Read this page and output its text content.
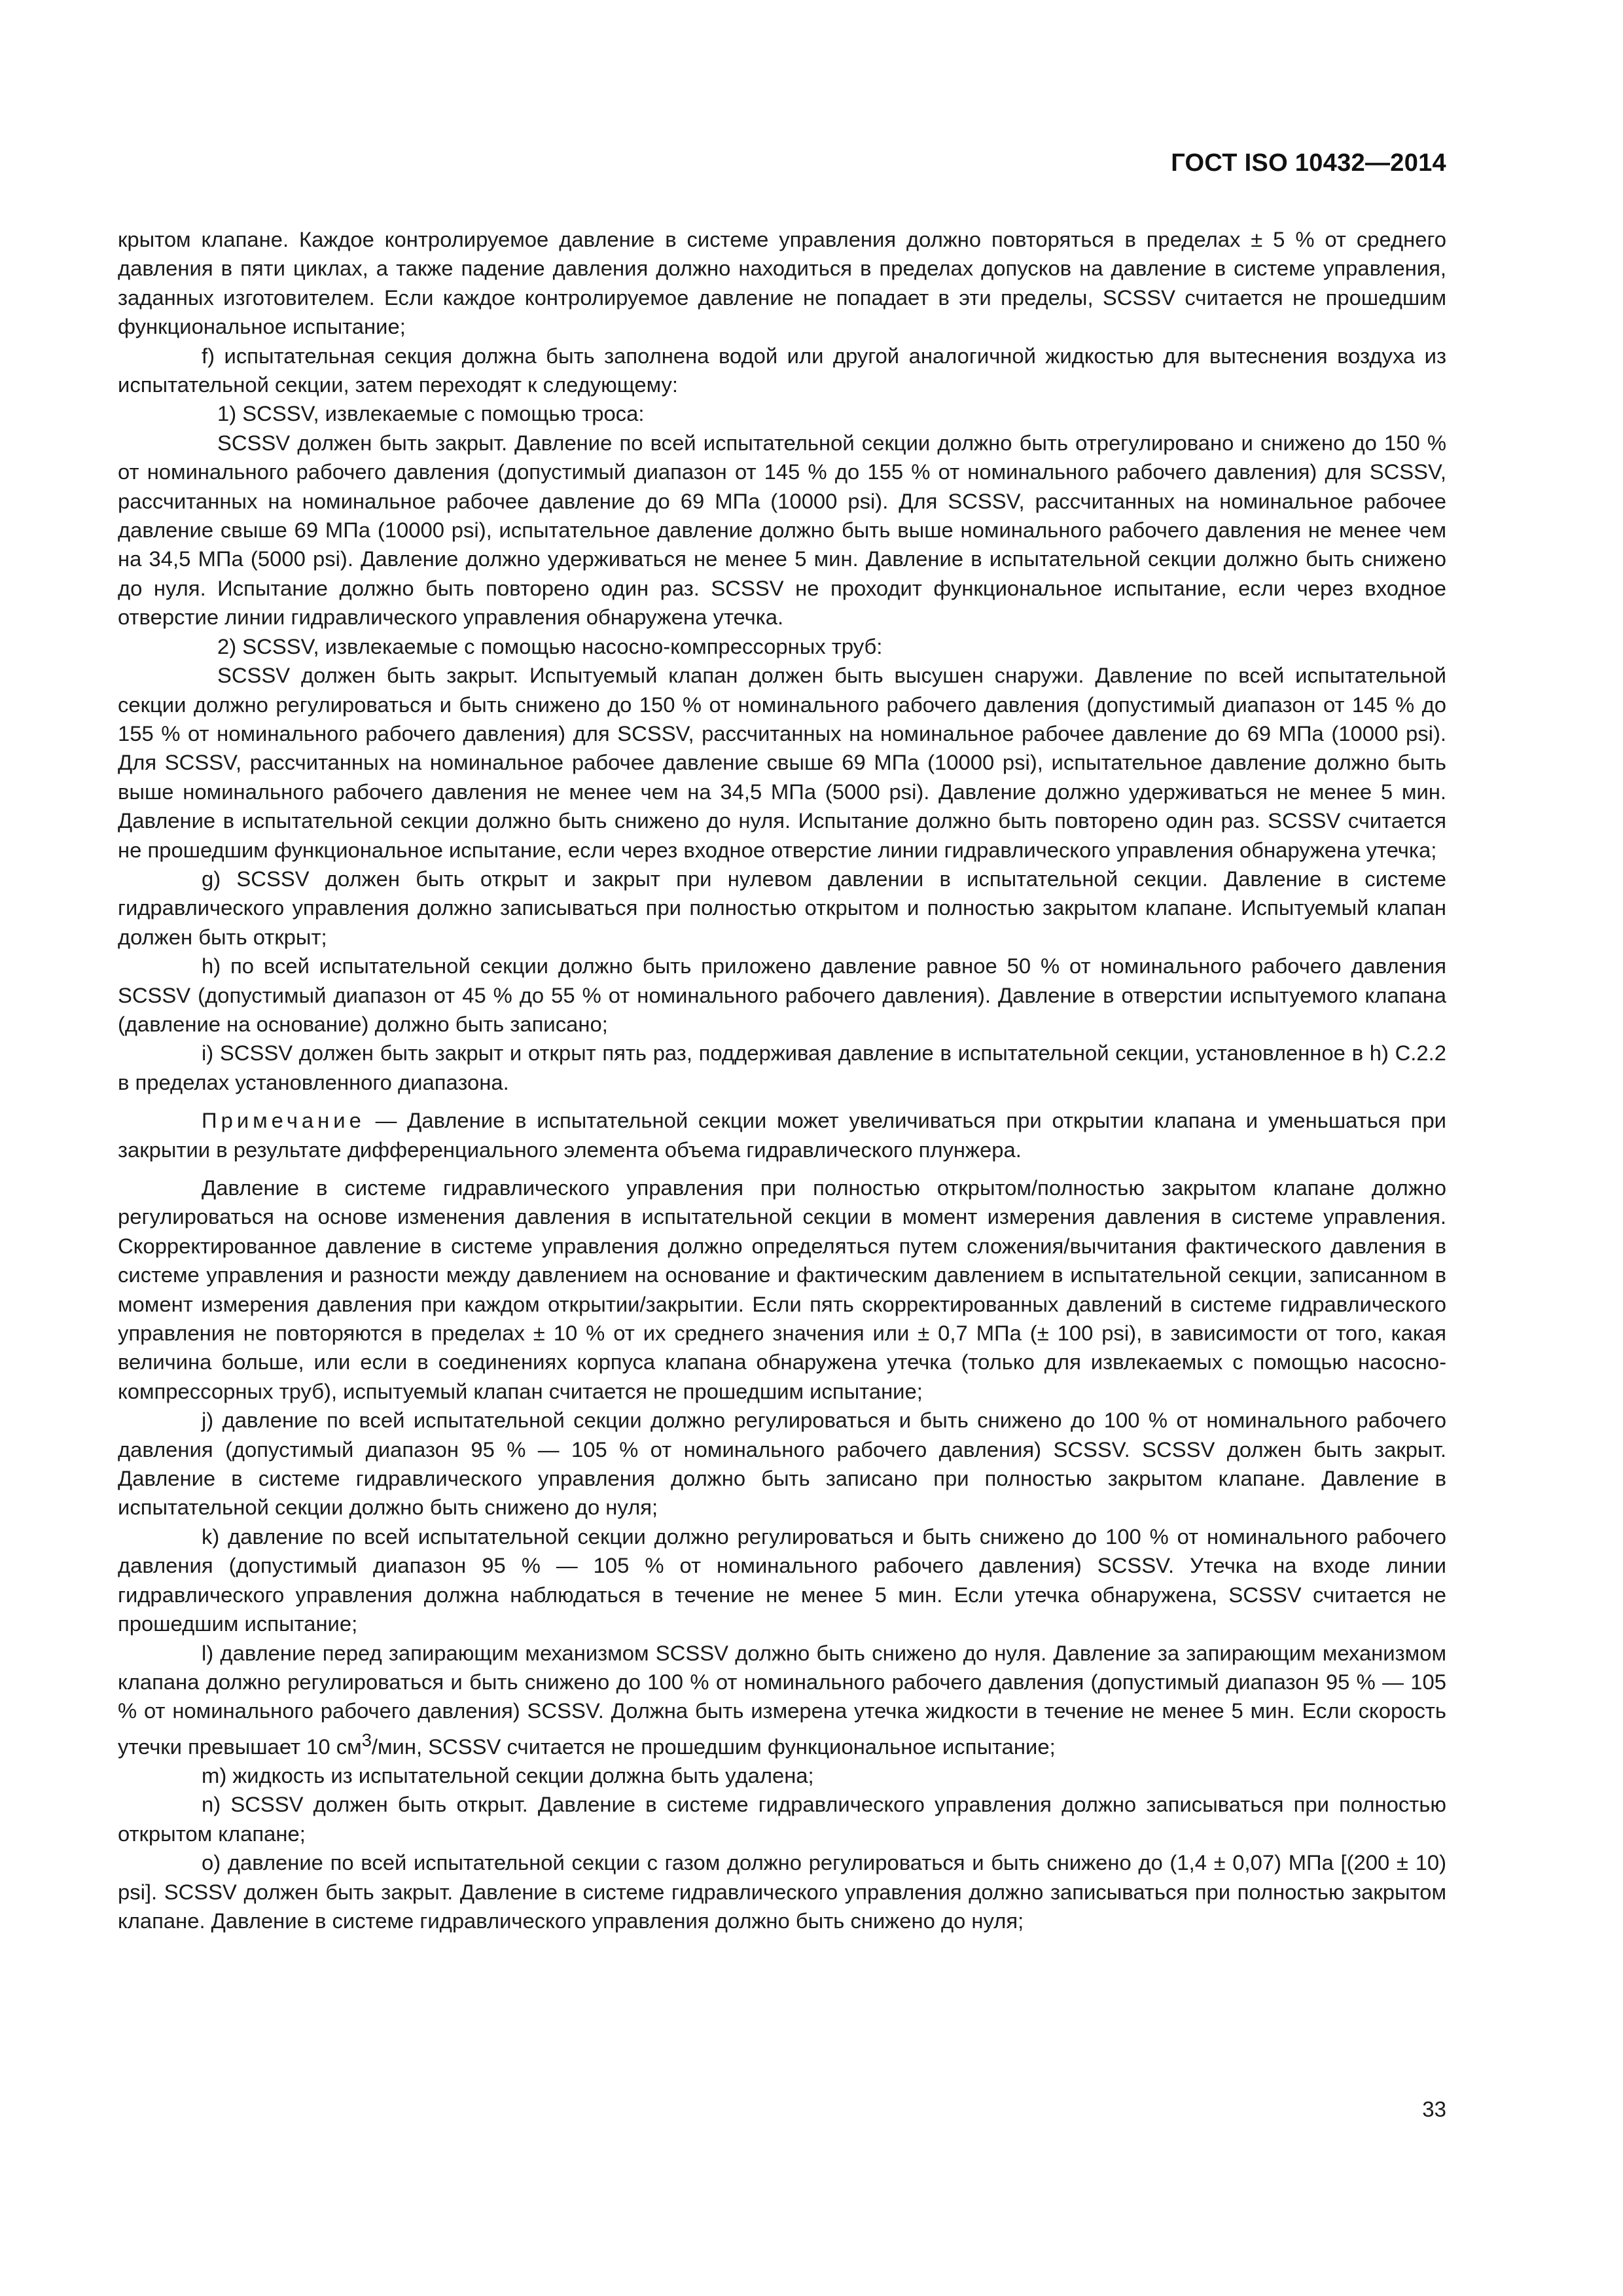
ГОСТ ISO 10432—2014

крытом клапане. Каждое контролируемое давление в системе управления должно повторяться в пределах ± 5 % от среднего давления в пяти циклах, а также падение давления должно находиться в пределах допусков на давление в системе управления, заданных изготовителем. Если каждое контролируемое давление не попадает в эти пределы, SCSSV считается не прошедшим функциональное испытание;

f) испытательная секция должна быть заполнена водой или другой аналогичной жидкостью для вытеснения воздуха из испытательной секции, затем переходят к следующему:

1) SCSSV, извлекаемые с помощью троса:

SCSSV должен быть закрыт. Давление по всей испытательной секции должно быть отрегулировано и снижено до 150 % от номинального рабочего давления (допустимый диапазон от 145 % до 155 % от номинального рабочего давления) для SCSSV, рассчитанных на номинальное рабочее давление до 69 МПа (10000 psi). Для SCSSV, рассчитанных на номинальное рабочее давление свыше 69 МПа (10000 psi), испытательное давление должно быть выше номинального рабочего давления не менее чем на 34,5 МПа (5000 psi). Давление должно удерживаться не менее 5 мин. Давление в испытательной секции должно быть снижено до нуля. Испытание должно быть повторено один раз. SCSSV не проходит функциональное испытание, если через входное отверстие линии гидравлического управления обнаружена утечка.

2) SCSSV, извлекаемые с помощью насосно-компрессорных труб:

SCSSV должен быть закрыт. Испытуемый клапан должен быть высушен снаружи. Давление по всей испытательной секции должно регулироваться и быть снижено до 150 % от номинального рабочего давления (допустимый диапазон от 145 % до 155 % от номинального рабочего давления) для SCSSV, рассчитанных на номинальное рабочее давление до 69 МПа (10000 psi). Для SCSSV, рассчитанных на номинальное рабочее давление свыше 69 МПа (10000 psi), испытательное давление должно быть выше номинального рабочего давления не менее чем на 34,5 МПа (5000 psi). Давление должно удерживаться не менее 5 мин. Давление в испытательной секции должно быть снижено до нуля. Испытание должно быть повторено один раз. SCSSV считается не прошедшим функциональное испытание, если через входное отверстие линии гидравлического управления обнаружена утечка;

g) SCSSV должен быть открыт и закрыт при нулевом давлении в испытательной секции. Давление в системе гидравлического управления должно записываться при полностью открытом и полностью закрытом клапане. Испытуемый клапан должен быть открыт;

h) по всей испытательной секции должно быть приложено давление равное 50 % от номинального рабочего давления SCSSV (допустимый диапазон от 45 % до 55 % от номинального рабочего давления). Давление в отверстии испытуемого клапана (давление на основание) должно быть записано;

i) SCSSV должен быть закрыт и открыт пять раз, поддерживая давление в испытательной секции, установленное в h) С.2.2 в пределах установленного диапазона.

Примечание — Давление в испытательной секции может увеличиваться при открытии клапана и уменьшаться при закрытии в результате дифференциального элемента объема гидравлического плунжера.

Давление в системе гидравлического управления при полностью открытом/полностью закрытом клапане должно регулироваться на основе изменения давления в испытательной секции в момент измерения давления в системе управления. Скорректированное давление в системе управления должно определяться путем сложения/вычитания фактического давления в системе управления и разности между давлением на основание и фактическим давлением в испытательной секции, записанном в момент измерения давления при каждом открытии/закрытии. Если пять скорректированных давлений в системе гидравлического управления не повторяются в пределах ± 10 % от их среднего значения или ± 0,7 МПа (± 100 psi), в зависимости от того, какая величина больше, или если в соединениях корпуса клапана обнаружена утечка (только для извлекаемых с помощью насосно-компрессорных труб), испытуемый клапан считается не прошедшим испытание;

j) давление по всей испытательной секции должно регулироваться и быть снижено до 100 % от номинального рабочего давления (допустимый диапазон 95 % — 105 % от номинального рабочего давления) SCSSV. SCSSV должен быть закрыт. Давление в системе гидравлического управления должно быть записано при полностью закрытом клапане. Давление в испытательной секции должно быть снижено до нуля;

k) давление по всей испытательной секции должно регулироваться и быть снижено до 100 % от номинального рабочего давления (допустимый диапазон 95 % — 105 % от номинального рабочего давления) SCSSV. Утечка на входе линии гидравлического управления должна наблюдаться в течение не менее 5 мин. Если утечка обнаружена, SCSSV считается не прошедшим испытание;

l) давление перед запирающим механизмом SCSSV должно быть снижено до нуля. Давление за запирающим механизмом клапана должно регулироваться и быть снижено до 100 % от номинального рабочего давления (допустимый диапазон 95 % — 105 % от номинального рабочего давления) SCSSV. Должна быть измерена утечка жидкости в течение не менее 5 мин. Если скорость утечки превышает 10 $см^3$/мин, SCSSV считается не прошедшим функциональное испытание;

m) жидкость из испытательной секции должна быть удалена;

n) SCSSV должен быть открыт. Давление в системе гидравлического управления должно записываться при полностью открытом клапане;

o) давление по всей испытательной секции с газом должно регулироваться и быть снижено до (1,4 ± 0,07) МПа [(200 ± 10) psi]. SCSSV должен быть закрыт. Давление в системе гидравлического управления должно записываться при полностью закрытом клапане. Давление в системе гидравлического управления должно быть снижено до нуля;

33
